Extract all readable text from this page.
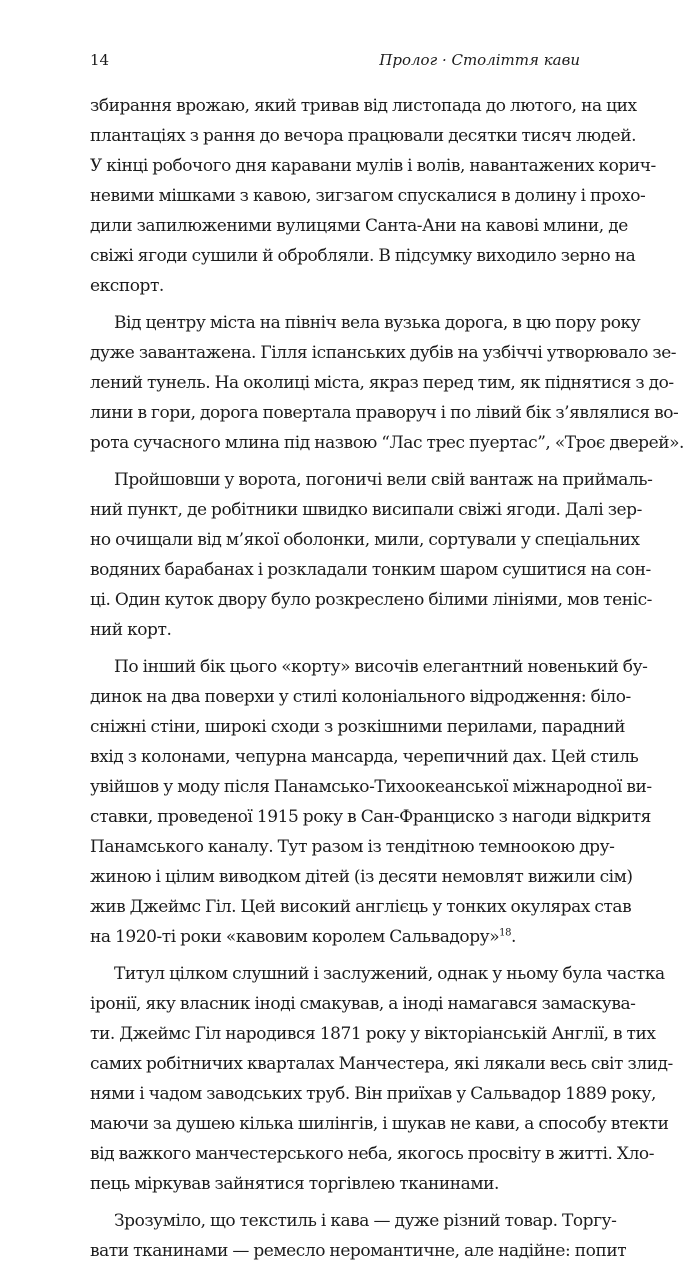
14	Пролог · Століття кави
збирання врожаю, який тривав від листопада до лютого, на цих
плантаціях з рання до вечора працювали десятки тисяч людей.
У кінці робочого дня каравани мулів і волів, навантажених корич-
невими мішками з кавою, зигзагом спускалися в долину і прохо-
дили запилюженими вулицями Санта-Ани на кавові млини, де
свіжі ягоди сушили й обробляли. В підсумку виходило зерно на
експорт.
Від центру міста на північ вела вузька дорога, в цю пору року
дуже завантажена. Гілля іспанських дубів на узбіччі утворювало зе-
лений тунель. На околиці міста, якраз перед тим, як піднятися з до-
лини в гори, дорога повертала праворуч і по лівий бік з’являлися во-
рота сучасного млина під назвою “Лас трес пуертас”, «Троє дверей».
Пройшовши у ворота, погоничі вели свій вантаж на приймаль-
ний пункт, де робітники швидко висипали свіжі ягоди. Далі зер-
но очищали від м’якої оболонки, мили, сортували у спеціальних
водяних барабанах і розкладали тонким шаром сушитися на сон-
ці. Один куток двору було розкреслено білими лініями, мов теніс-
ний корт.
По інший бік цього «корту» височів елегантний новенький бу-
динок на два поверхи у стилі колоніального відродження: біло-
сніжні стіни, широкі сходи з розкішними перилами, парадний
вхід з колонами, чепурна мансарда, черепичний дах. Цей стиль
увійшов у моду після Панамсько-Тихоокеанської міжнародної ви-
ставки, проведеної 1915 року в Сан-Франциско з нагоди відкритя
Панамського каналу. Тут разом із тендітною темноокою дру-
жиною і цілим виводком дітей (із десяти немовлят вижили сім)
жив Джеймс Гіл. Цей високий англієць у тонких окулярах став
на 1920-ті роки «кавовим королем Сальвадору»$^{18}$.
Титул цілком слушний і заслужений, однак у ньому була частка
іронії, яку власник іноді смакував, а іноді намагався замаскува-
ти. Джеймс Гіл народився 1871 року у вікторіанській Англії, в тих
самих робітничих кварталах Манчестера, які лякали весь світ злид-
нями і чадом заводських труб. Він приїхав у Сальвадор 1889 року,
маючи за душею кілька шилінгів, і шукав не кави, а способу втекти
від важкого манчестерського неба, якогось просвіту в житті. Хло-
пець міркував зайнятися торгівлею тканинами.
Зрозуміло, що текстиль і кава — дуже різний товар. Торгу-
вати тканинами — ремесло неромантичне, але надійне: попит
